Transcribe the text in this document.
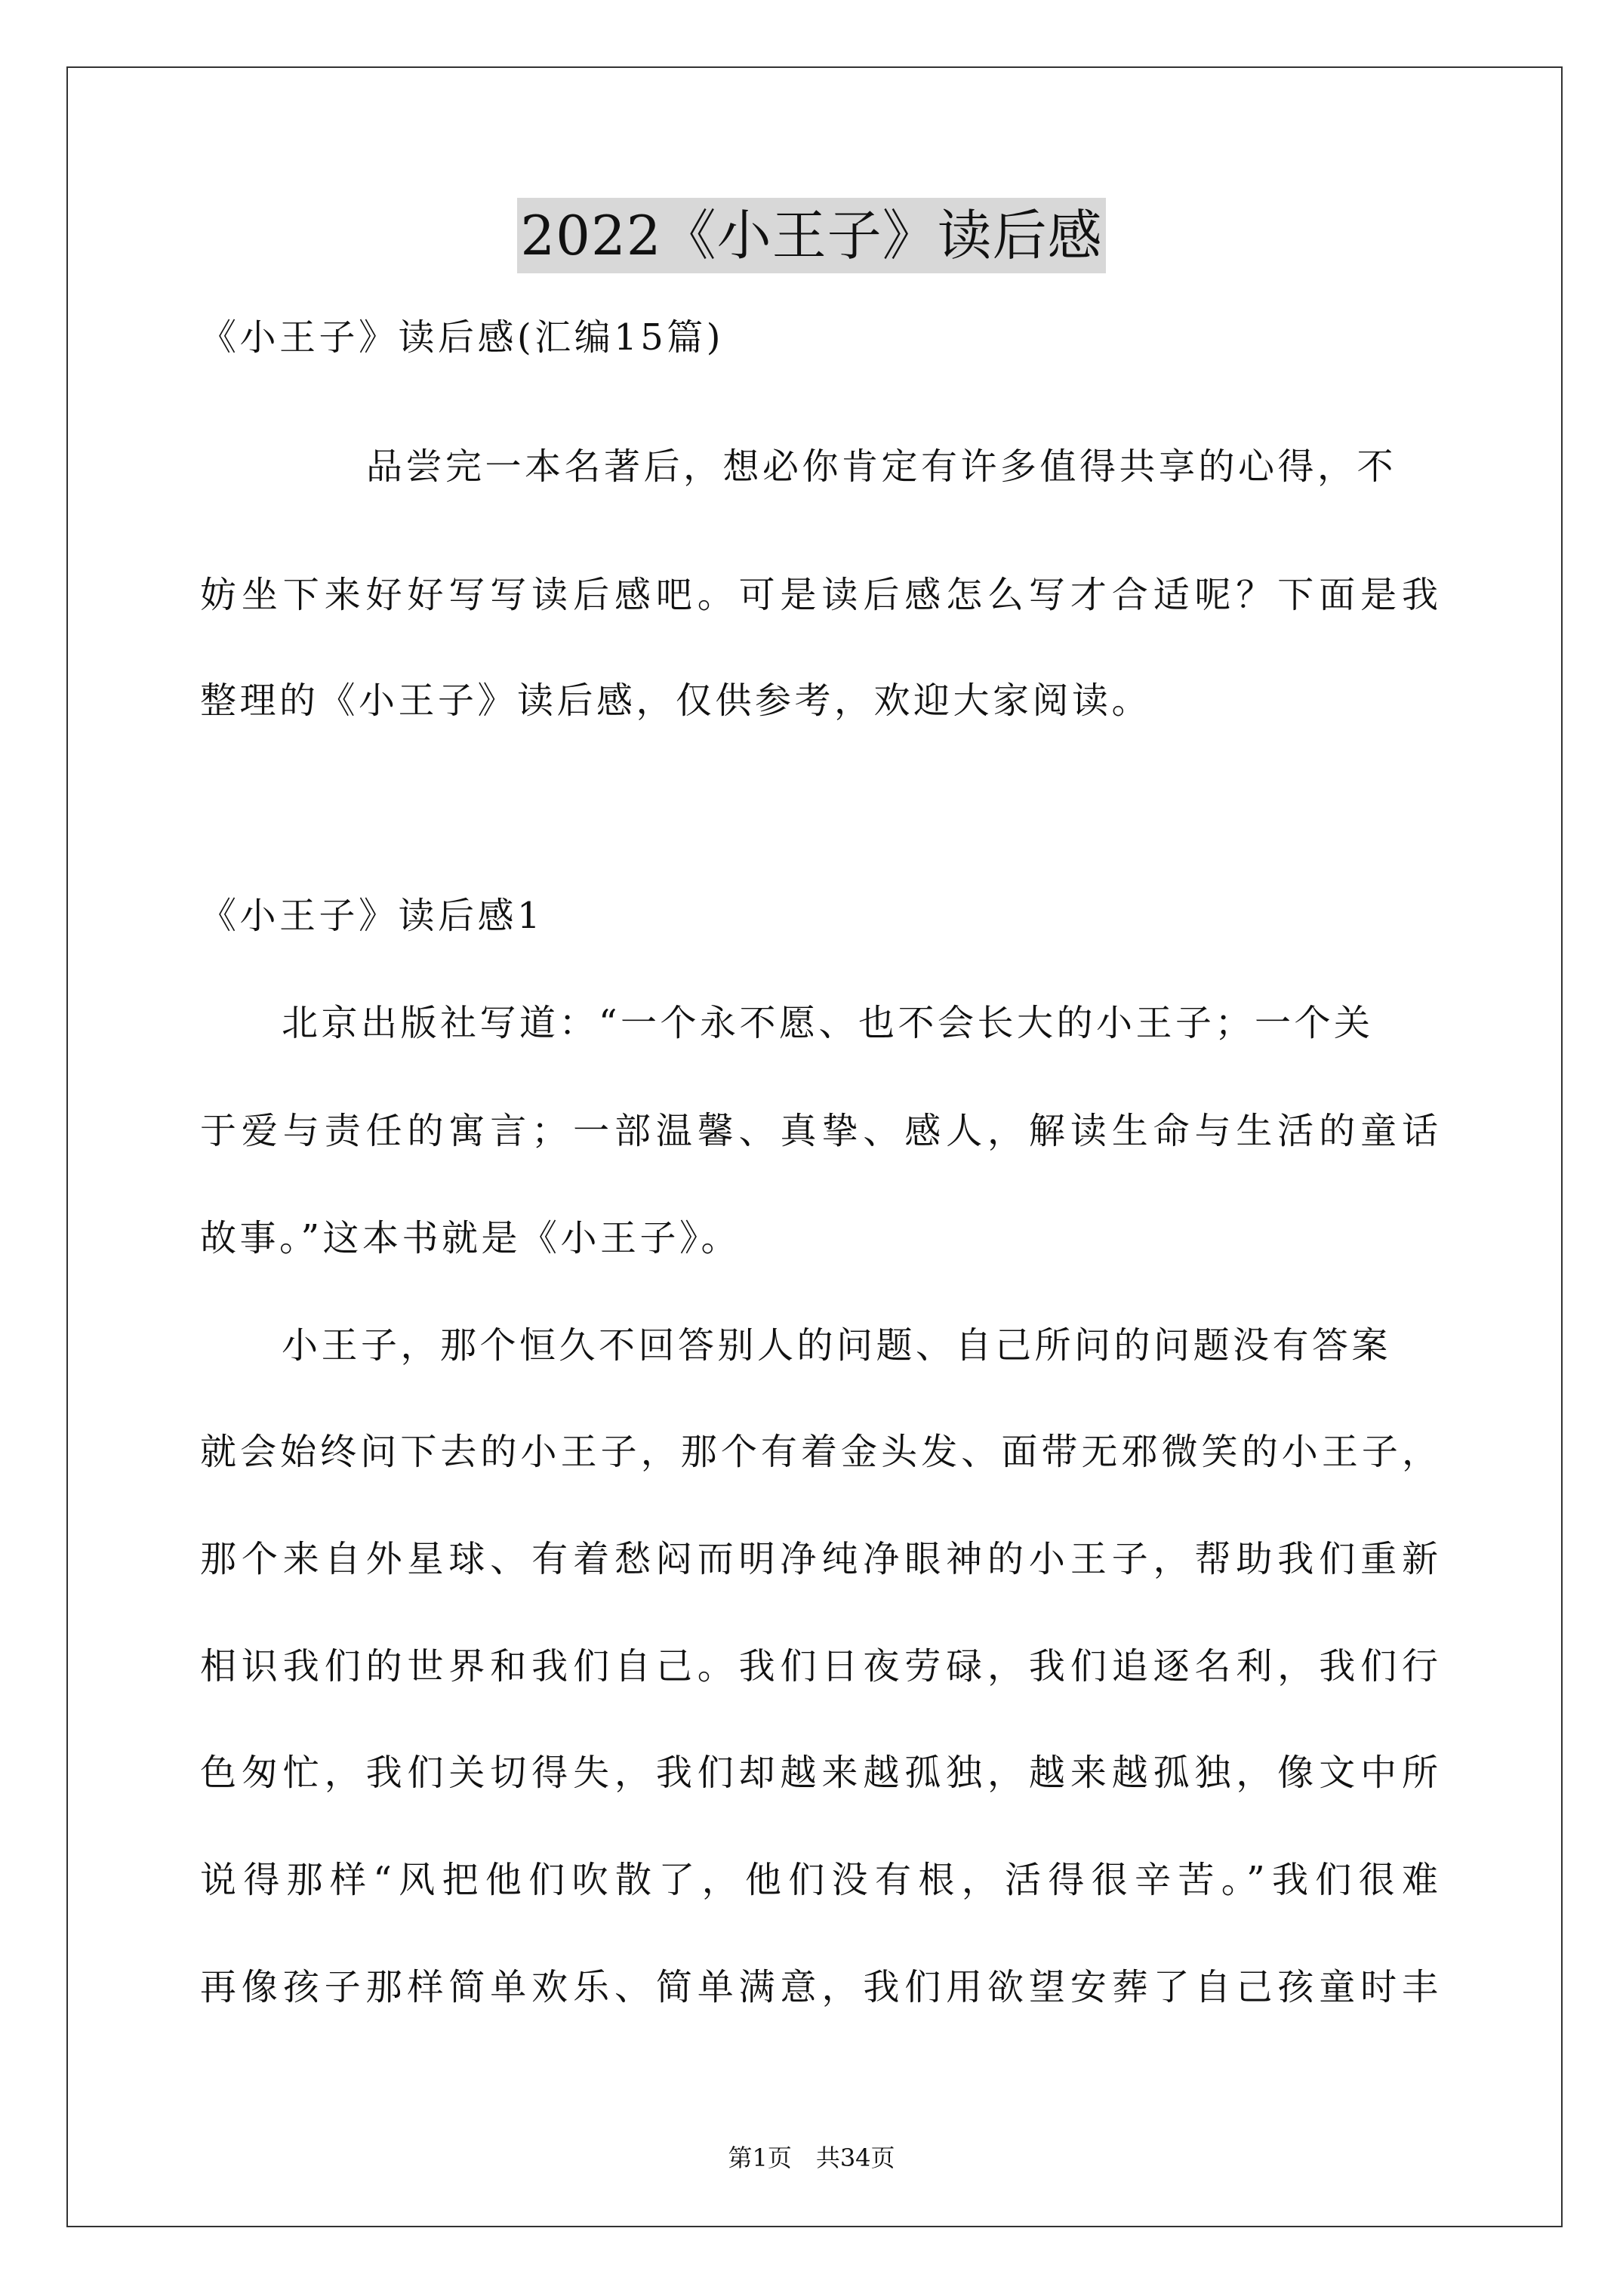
2022《小王子》读后感
《小王子》读后感(汇编15篇)
品尝完一本名著后，想必你肯定有许多值得共享的心得，不
妨坐下来好好写写读后感吧。可是读后感怎么写才合适呢？下面是我
整理的《小王子》读后感，仅供参考，欢迎大家阅读。
《小王子》读后感1
北京出版社写道：“一个永不愿、也不会长大的小王子；一个关
于爱与责任的寓言；一部温馨、真挚、感人，解读生命与生活的童话
故事。”这本书就是《小王子》。
小王子，那个恒久不回答别人的问题、自己所问的问题没有答案
就会始终问下去的小王子，那个有着金头发、面带无邪微笑的小王子，
那个来自外星球、有着愁闷而明净纯净眼神的小王子，帮助我们重新
相识我们的世界和我们自己。我们日夜劳碌，我们追逐名利，我们行
色匆忙，我们关切得失，我们却越来越孤独，越来越孤独，像文中所
说得那样“风把他们吹散了，他们没有根，活得很辛苦。”我们很难
再像孩子那样简单欢乐、简单满意，我们用欲望安葬了自己孩童时丰
第1页　共34页
